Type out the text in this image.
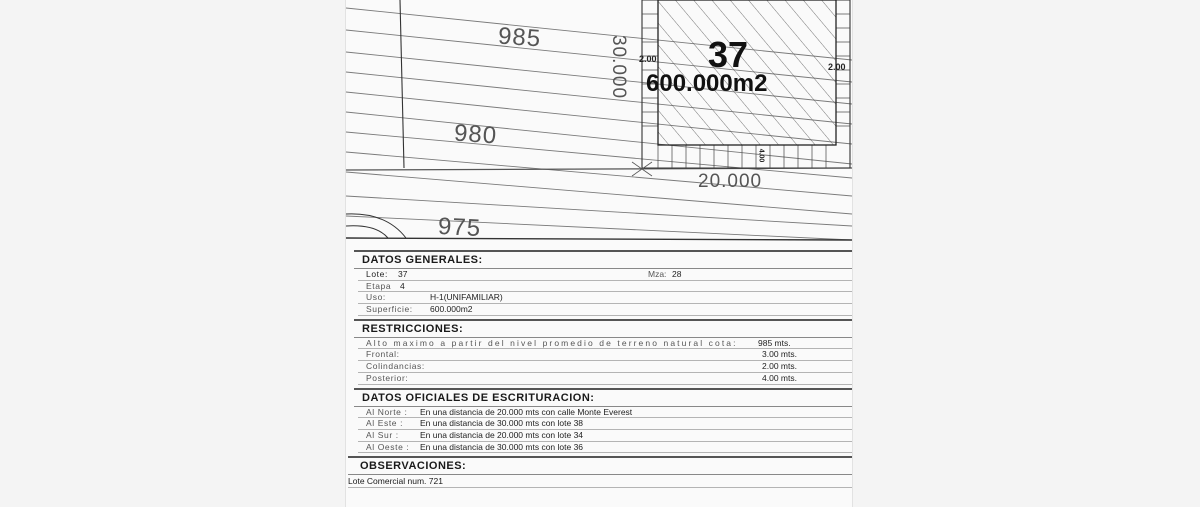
985
980
975
30.000
20.000
37
600.000m2
2.00
2.00
4.00
DATOS GENERALES:
Lote: 37	Mza: 28
Etapa 4
Uso:	H-1(UNIFAMILIAR)
Superficie: 600.000m2
RESTRICCIONES:
Alto maximo a partir del nivel promedio de terreno natural cota: 985 mts.
Frontal:	3.00 mts.
Colindancias:	2.00 mts.
Posterior:	4.00 mts.
DATOS OFICIALES DE ESCRITURACION:
Al Norte : En una distancia de 20.000 mts con calle Monte Everest
Al Este : En una distancia de 30.000 mts con lote 38
Al Sur :	En una distancia de 20.000 mts con lote 34
Al Oeste : En una distancia de 30.000 mts con lote 36
OBSERVACIONES:
Lote Comercial num. 721
